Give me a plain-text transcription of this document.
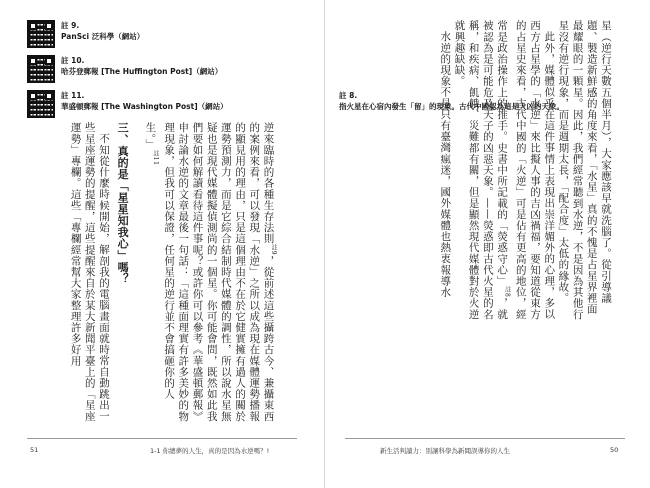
註 9.
PanSci 泛科學（網站）
註 10.
哈芬登郵報 [The Huffington Post]（網站）
註 11.
華盛頓郵報 [The Washington Post]（網站）

逆來臨時的各種生存法則$^{註9}$，從前述這些攝跨古今、兼攝東西的案例來看，可以發現「水逆」之所以成為現在媒體運勢播報的顯見用的理由，只是這個理由不在於它健實擁有過人的關於運勢預測力，而是它綜合結制時代媒體的調性，所以說水星無疑也是現代媒體擬偵測尚的一個星。你可能會問，既然如此我們要如何解讀看待這件事呢？或許你可以參考《華盛頓郵報》申討論水逆的文章最後一句話：「這種面理實有許多美妙的物理現象，但我可以保證，任何星的逆行並不會搞砸你的人生。」$^{註11}$

三、真的是「星星知我心」嗎？

不知從什麼時候開始，解剖我的電腦畫面就時常自動跳出一些星座運勢的提醒，這些提醒來自於某大新聞平臺上的「星座運勢」專欄。這些「專欄經常幫大家整理許多好用

51	1-1 你總夢的人生，真的是因為水逆嗎？!

星（逆行天數五個半月），大家應該早就洗腦了。從引導議題、製造新鮮感的角度來看，「水星」真的不愧是占星界裡面最耀眼的一顆星。因此，我們經常聽到水逆，不是因為其他行星沒有逆行現象，而是週期太長，「配合度」太低的緣故。

此外，媒體似乎在這件事情上表現出崇洋媚外的心理，多以西方占星學的「水逆」來比擬人事的吉凶禍福，要知道從東方的占星史來看，古代中國的「火逆」可是佔有更高的地位，經常是政治操作上的推手。史書中所記載的「熒惑守心」$^{註8}$，就被認為是可能危及天子的凶惡天象。——熒惑即古代火星的名稱，和疾病、飢餓、災難都有關，但是顯然現代媒體對於火逆就興趣缺缺。

水逆的現象不是只有臺灣瘋迷，國外媒體也熱衷報導水

註 8.
指火星在心宿內發生「留」的現象。古代中國認為這是大凶的天象。
新生活判讀力：別讓科學為新聞誤導你的人生	50
